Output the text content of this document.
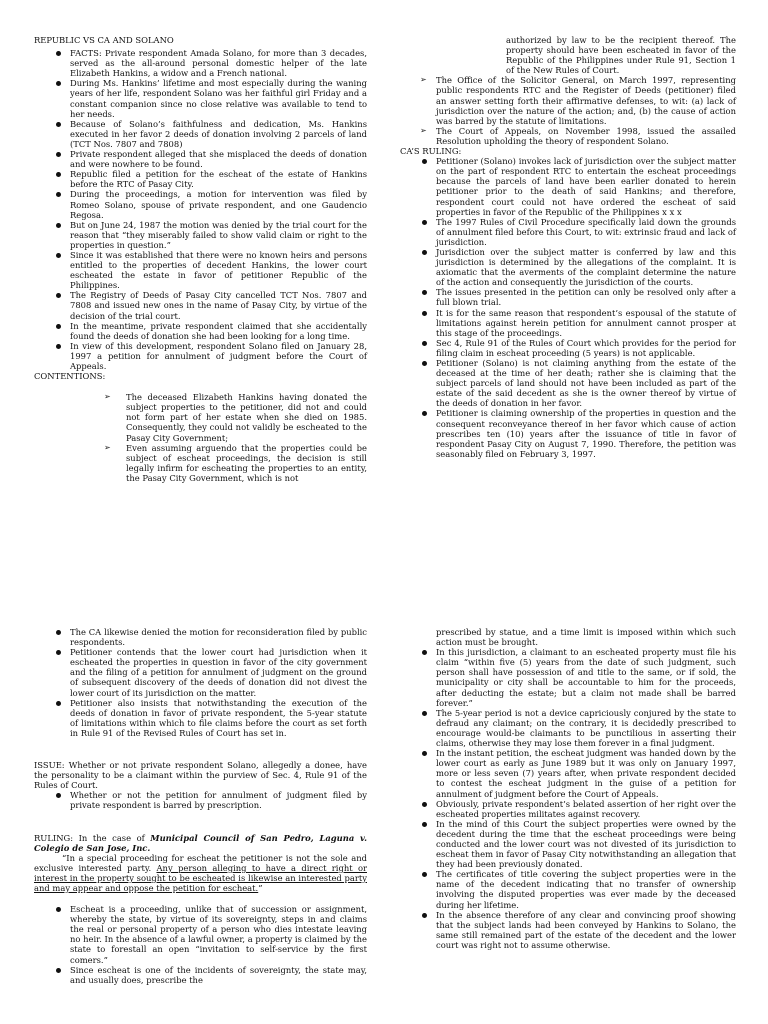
REPUBLIC VS CA AND SOLANO

FACTS: Private respondent Amada Solano, for more than 3 decades, served as the all-around personal domestic helper of the late Elizabeth Hankins, a widow and a French national.
During Ms. Hankins’ lifetime and most especially during the waning years of her life, respondent Solano was her faithful girl Friday and a constant companion since no close relative was available to tend to her needs.
Because of Solano’s faithfulness and dedication, Ms. Hankins executed in her favor 2 deeds of donation involving 2 parcels of land (TCT Nos. 7807 and 7808)
Private respondent alleged that she misplaced the deeds of donation and were nowhere to be found.
Republic filed a petition for the escheat of the estate of Hankins before the RTC of Pasay City.
During the proceedings, a motion for intervention was filed by Romeo Solano, spouse of private respondent, and one Gaudencio Regosa.
But on June 24, 1987 the motion was denied by the trial court for the reason that “they miserably failed to show valid claim or right to the properties in question.”
Since it was established that there were no known heirs and persons entitled to the properties of decedent Hankins, the lower court escheated the estate in favor of petitioner Republic of the Philippines.
The Registry of Deeds of Pasay City cancelled TCT Nos. 7807 and 7808 and issued new ones in the name of Pasay City, by virtue of the decision of the trial court.
In the meantime, private respondent claimed that she accidentally found the deeds of donation she had been looking for a long time.
In view of this development, respondent Solano filed on January 28, 1997 a petition for annulment of judgment before the Court of Appeals.

CONTENTIONS:

➢ The deceased Elizabeth Hankins having donated the subject properties to the petitioner, did not and could not form part of her estate when she died on 1985. Consequently, they could not validly be escheated to the Pasay City Government;
➢ Even assuming arguendo that the properties could be subject of escheat proceedings, the decision is still legally infirm for escheating the properties to an entity, the Pasay City Government, which is not

authorized by law to be the recipient thereof. The property should have been escheated in favor of the Republic of the Philippines under Rule 91, Section 1 of the New Rules of Court.

➢ The Office of the Solicitor General, on March 1997, representing public respondents RTC and the Register of Deeds (petitioner) filed an answer setting forth their affirmative defenses, to wit: (a) lack of jurisdiction over the nature of the action; and, (b) the cause of action was barred by the statute of limitations.
➢ The Court of Appeals, on November 1998, issued the assailed Resolution upholding the theory of respondent Solano.

CA’S RULING:

Petitioner (Solano) invokes lack of jurisdiction over the subject matter on the part of respondent RTC to entertain the escheat proceedings because the parcels of land have been earlier donated to herein petitioner prior to the death of said Hankins; and therefore, respondent court could not have ordered the escheat of said properties in favor of the Republic of the Philippines x x x
The 1997 Rules of Civil Procedure specifically laid down the grounds of annulment filed before this Court, to wit: extrinsic fraud and lack of jurisdiction.
Jurisdiction over the subject matter is conferred by law and this jurisdiction is determined by the allegations of the complaint. It is axiomatic that the averments of the complaint determine the nature of the action and consequently the jurisdiction of the courts.
The issues presented in the petition can only be resolved only after a full blown trial.
It is for the same reason that respondent’s espousal of the statute of limitations against herein petition for annulment cannot prosper at this stage of the proceedings.
Sec 4, Rule 91 of the Rules of Court which provides for the period for filing claim in escheat proceeding (5 years) is not applicable.
Petitioner (Solano) is not claiming anything from the estate of the deceased at the time of her death; rather she is claiming that the subject parcels of land should not have been included as part of the estate of the said decedent as she is the owner thereof by virtue of the deeds of donation in her favor.
Petitioner is claiming ownership of the properties in question and the consequent reconveyance thereof in her favor which cause of action prescribes ten (10) years after the issuance of title in favor of respondent Pasay City on August 7, 1990. Therefore, the petition was seasonably filed on February 3, 1997.
The CA likewise denied the motion for reconsideration filed by public respondents.
Petitioner contends that the lower court had jurisdiction when it escheated the properties in question in favor of the city government and the filing of a petition for annulment of judgment on the ground of subsequent discovery of the deeds of donation did not divest the lower court of its jurisdiction on the matter.
Petitioner also insists that notwithstanding the execution of the deeds of donation in favor of private respondent, the 5-year statute of limitations within which to file claims before the court as set forth in Rule 91 of the Revised Rules of Court has set in.

ISSUE: Whether or not private respondent Solano, allegedly a donee, have the personality to be a claimant within the purview of Sec. 4, Rule 91 of the Rules of Court.

Whether or not the petition for annulment of judgment filed by private respondent is barred by prescription.

RULING: In the case of Municipal Council of San Pedro, Laguna v. Colegio de San Jose, Inc.

“In a special proceeding for escheat the petitioner is not the sole and exclusive interested party. Any person alleging to have a direct right or interest in the property sought to be escheated is likewise an interested party and may appear and oppose the petition for escheat.”

Escheat is a proceeding, unlike that of succession or assignment, whereby the state, by virtue of its sovereignty, steps in and claims the real or personal property of a person who dies intestate leaving no heir. In the absence of a lawful owner, a property is claimed by the state to forestall an open “invitation to self-service by the first comers.”
Since escheat is one of the incidents of sovereignty, the state may, and usually does, prescribe the

prescribed by statue, and a time limit is imposed within which such action must be brought.

In this jurisdiction, a claimant to an escheated property must file his claim “within five (5) years from the date of such judgment, such person shall have possession of and title to the same, or if sold, the municipality or city shall be accountable to him for the proceeds, after deducting the estate; but a claim not made shall be barred forever.”
The 5-year period is not a device capriciously conjured by the state to defraud any claimant; on the contrary, it is decidedly prescribed to encourage would-be claimants to be punctilious in asserting their claims, otherwise they may lose them forever in a final judgment.
In the instant petition, the escheat judgment was handed down by the lower court as early as June 1989 but it was only on January 1997, more or less seven (7) years after, when private respondent decided to contest the escheat judgment in the guise of a petition for annulment of judgment before the Court of Appeals.
Obviously, private respondent’s belated assertion of her right over the escheated properties militates against recovery.
In the mind of this Court the subject properties were owned by the decedent during the time that the escheat proceedings were being conducted and the lower court was not divested of its jurisdiction to escheat them in favor of Pasay City notwithstanding an allegation that they had been previously donated.
The certificates of title covering the subject properties were in the name of the decedent indicating that no transfer of ownership involving the disputed properties was ever made by the deceased during her lifetime.
In the absence therefore of any clear and convincing proof showing that the subject lands had been conveyed by Hankins to Solano, the same still remained part of the estate of the decedent and the lower court was right not to assume otherwise.
